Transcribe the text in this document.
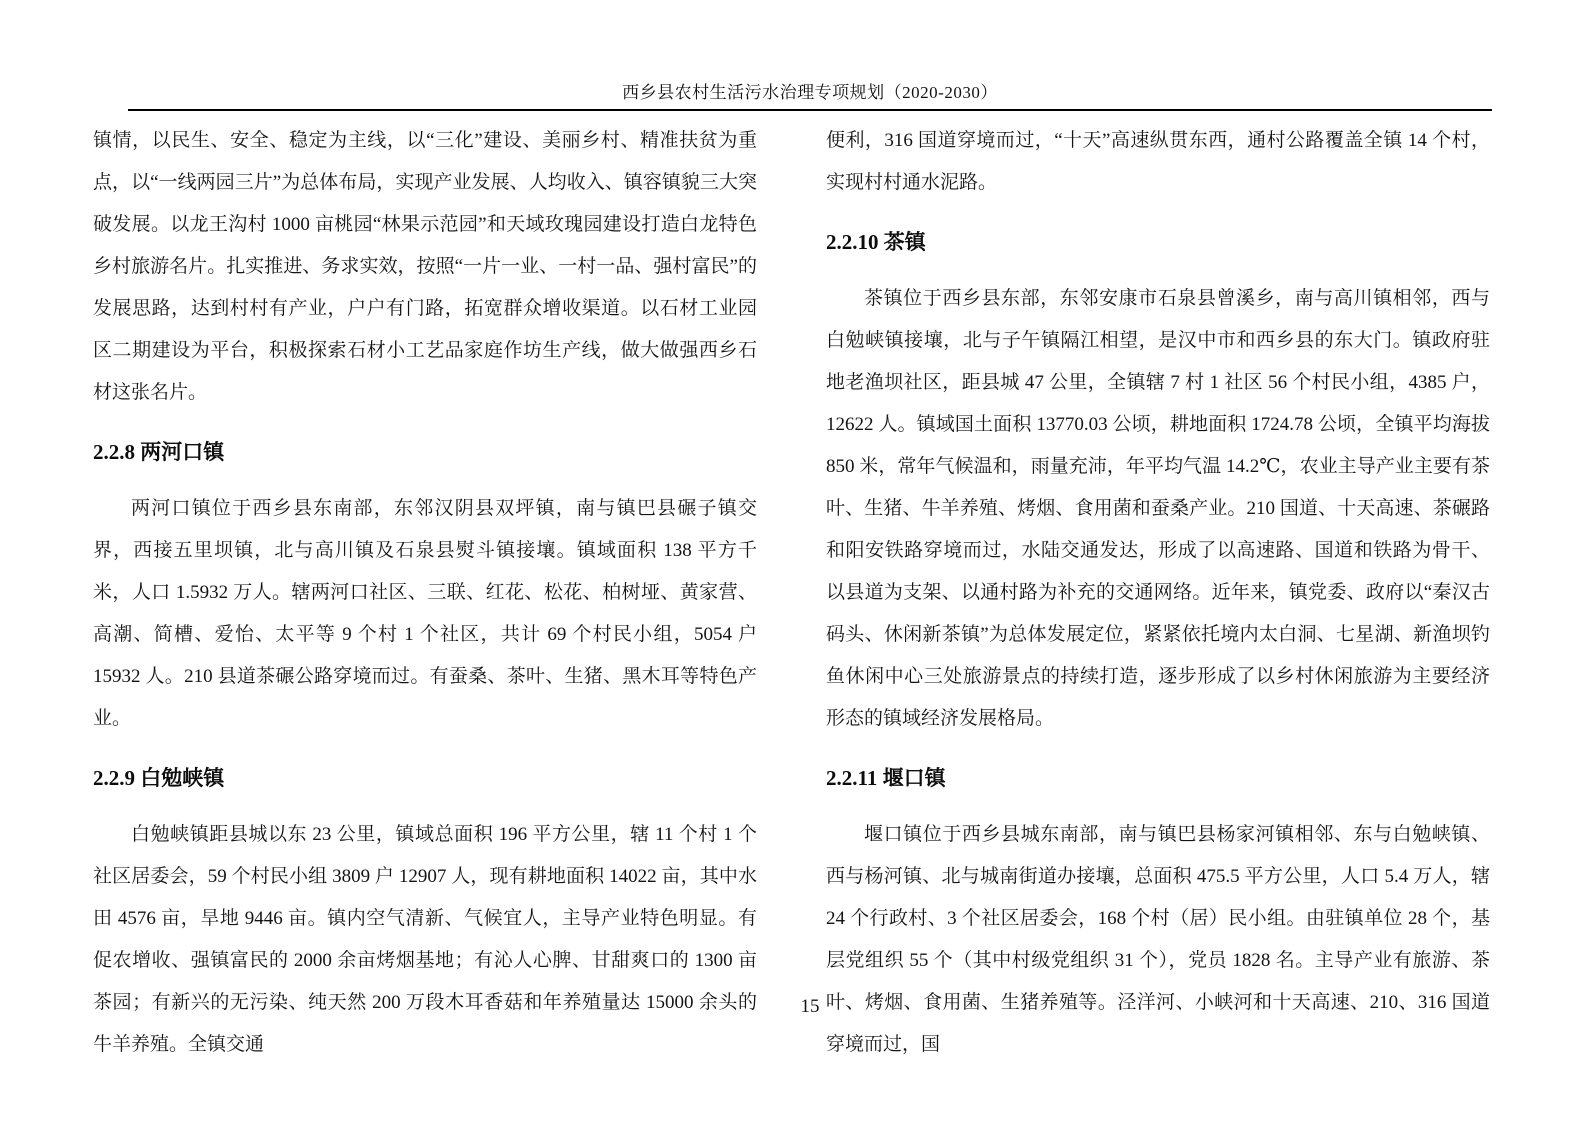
西乡县农村生活污水治理专项规划（2020-2030）
镇情，以民生、安全、稳定为主线，以“三化”建设、美丽乡村、精准扶贫为重点，以“一线两园三片”为总体布局，实现产业发展、人均收入、镇容镇貌三大突破发展。以龙王沟村 1000 亩桃园“林果示范园”和天域玫瑰园建设打造白龙特色乡村旅游名片。扎实推进、务求实效，按照“一片一业、一村一品、强村富民”的发展思路，达到村村有产业，户户有门路，拓宽群众增收渠道。以石材工业园区二期建设为平台，积极探索石材小工艺品家庭作坊生产线，做大做强西乡石材这张名片。
2.2.8 两河口镇
两河口镇位于西乡县东南部，东邻汉阴县双坪镇，南与镇巴县碾子镇交界，西接五里坝镇，北与高川镇及石泉县熨斗镇接壤。镇域面积 138 平方千米，人口 1.5932 万人。辖两河口社区、三联、红花、松花、柏树垭、黄家营、高潮、简槽、爱怡、太平等 9 个村 1 个社区，共计 69 个村民小组，5054 户 15932 人。210 县道茶碾公路穿境而过。有蚕桑、茶叶、生猪、黑木耳等特色产业。
2.2.9 白勉峡镇
白勉峡镇距县城以东 23 公里，镇域总面积 196 平方公里，辖 11 个村 1 个社区居委会，59 个村民小组 3809 户 12907 人，现有耕地面积 14022 亩，其中水田 4576 亩，旱地 9446 亩。镇内空气清新、气候宜人，主导产业特色明显。有促农增收、强镇富民的 2000 余亩烤烟基地；有沁人心脾、甘甜爽口的 1300 亩茶园；有新兴的无污染、纯天然 200 万段木耳香菇和年养殖量达 15000 余头的牛羊养殖。全镇交通
便利，316 国道穿境而过，“十天”高速纵贯东西，通村公路覆盖全镇 14 个村，实现村村通水泥路。
2.2.10 茶镇
茶镇位于西乡县东部，东邻安康市石泉县曾溪乡，南与高川镇相邻，西与白勉峡镇接壤，北与子午镇隔江相望，是汉中市和西乡县的东大门。镇政府驻地老渔坝社区，距县城 47 公里，全镇辖 7 村 1 社区 56 个村民小组，4385 户，12622 人。镇域国土面积 13770.03 公顷，耕地面积 1724.78 公顷，全镇平均海拔 850 米，常年气候温和，雨量充沛，年平均气温 14.2℃，农业主导产业主要有茶叶、生猪、牛羊养殖、烤烟、食用菌和蚕桑产业。210 国道、十天高速、茶碾路和阳安铁路穿境而过，水陆交通发达，形成了以高速路、国道和铁路为骨干、以县道为支架、以通村路为补充的交通网络。近年来，镇党委、政府以“秦汉古码头、休闲新茶镇”为总体发展定位，紧紧依托境内太白洞、七星湖、新渔坝钓鱼休闲中心三处旅游景点的持续打造，逐步形成了以乡村休闲旅游为主要经济形态的镇域经济发展格局。
2.2.11 堰口镇
堰口镇位于西乡县城东南部，南与镇巴县杨家河镇相邻、东与白勉峡镇、西与杨河镇、北与城南街道办接壤，总面积 475.5 平方公里，人口 5.4 万人，辖 24 个行政村、3 个社区居委会，168 个村（居）民小组。由驻镇单位 28 个，基层党组织 55 个（其中村级党组织 31 个），党员 1828 名。主导产业有旅游、茶叶、烤烟、食用菌、生猪养殖等。泾洋河、小峡河和十天高速、210、316 国道穿境而过，国
15
